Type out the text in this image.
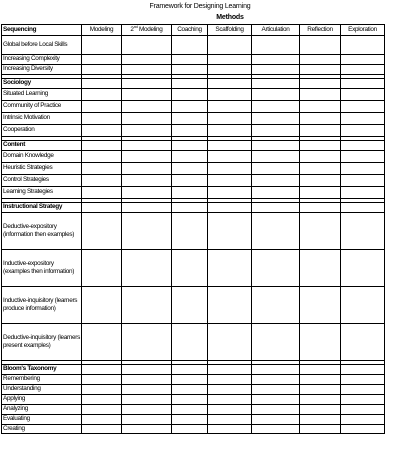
Framework for Designing Learning
Methods
Sequencing	Modeling	2nd Modeling	Coaching	Scaffolding	Articulation	Reflection	Exploration
Global before Local Skills							
Increasing Complexity							
Increasing Diversity							

Sociology							
Situated Learning							
Community of Practice							
Intrinsic Motivation							
Cooperation							

Content							
Domain Knowledge							
Heuristic Strategies							
Control Strategies							
Learning Strategies							

Instructional Strategy							
Deductive-expository (information then examples)							
Inductive-expository (examples then information)							
Inductive-inquisitory (learners produce information)							
Deductive-inquisitory (learners present examples)							

Bloom's Taxonomy							
Remembering							
Understanding							
Applying							
Analyzing							
Evaluating							
Creating							
